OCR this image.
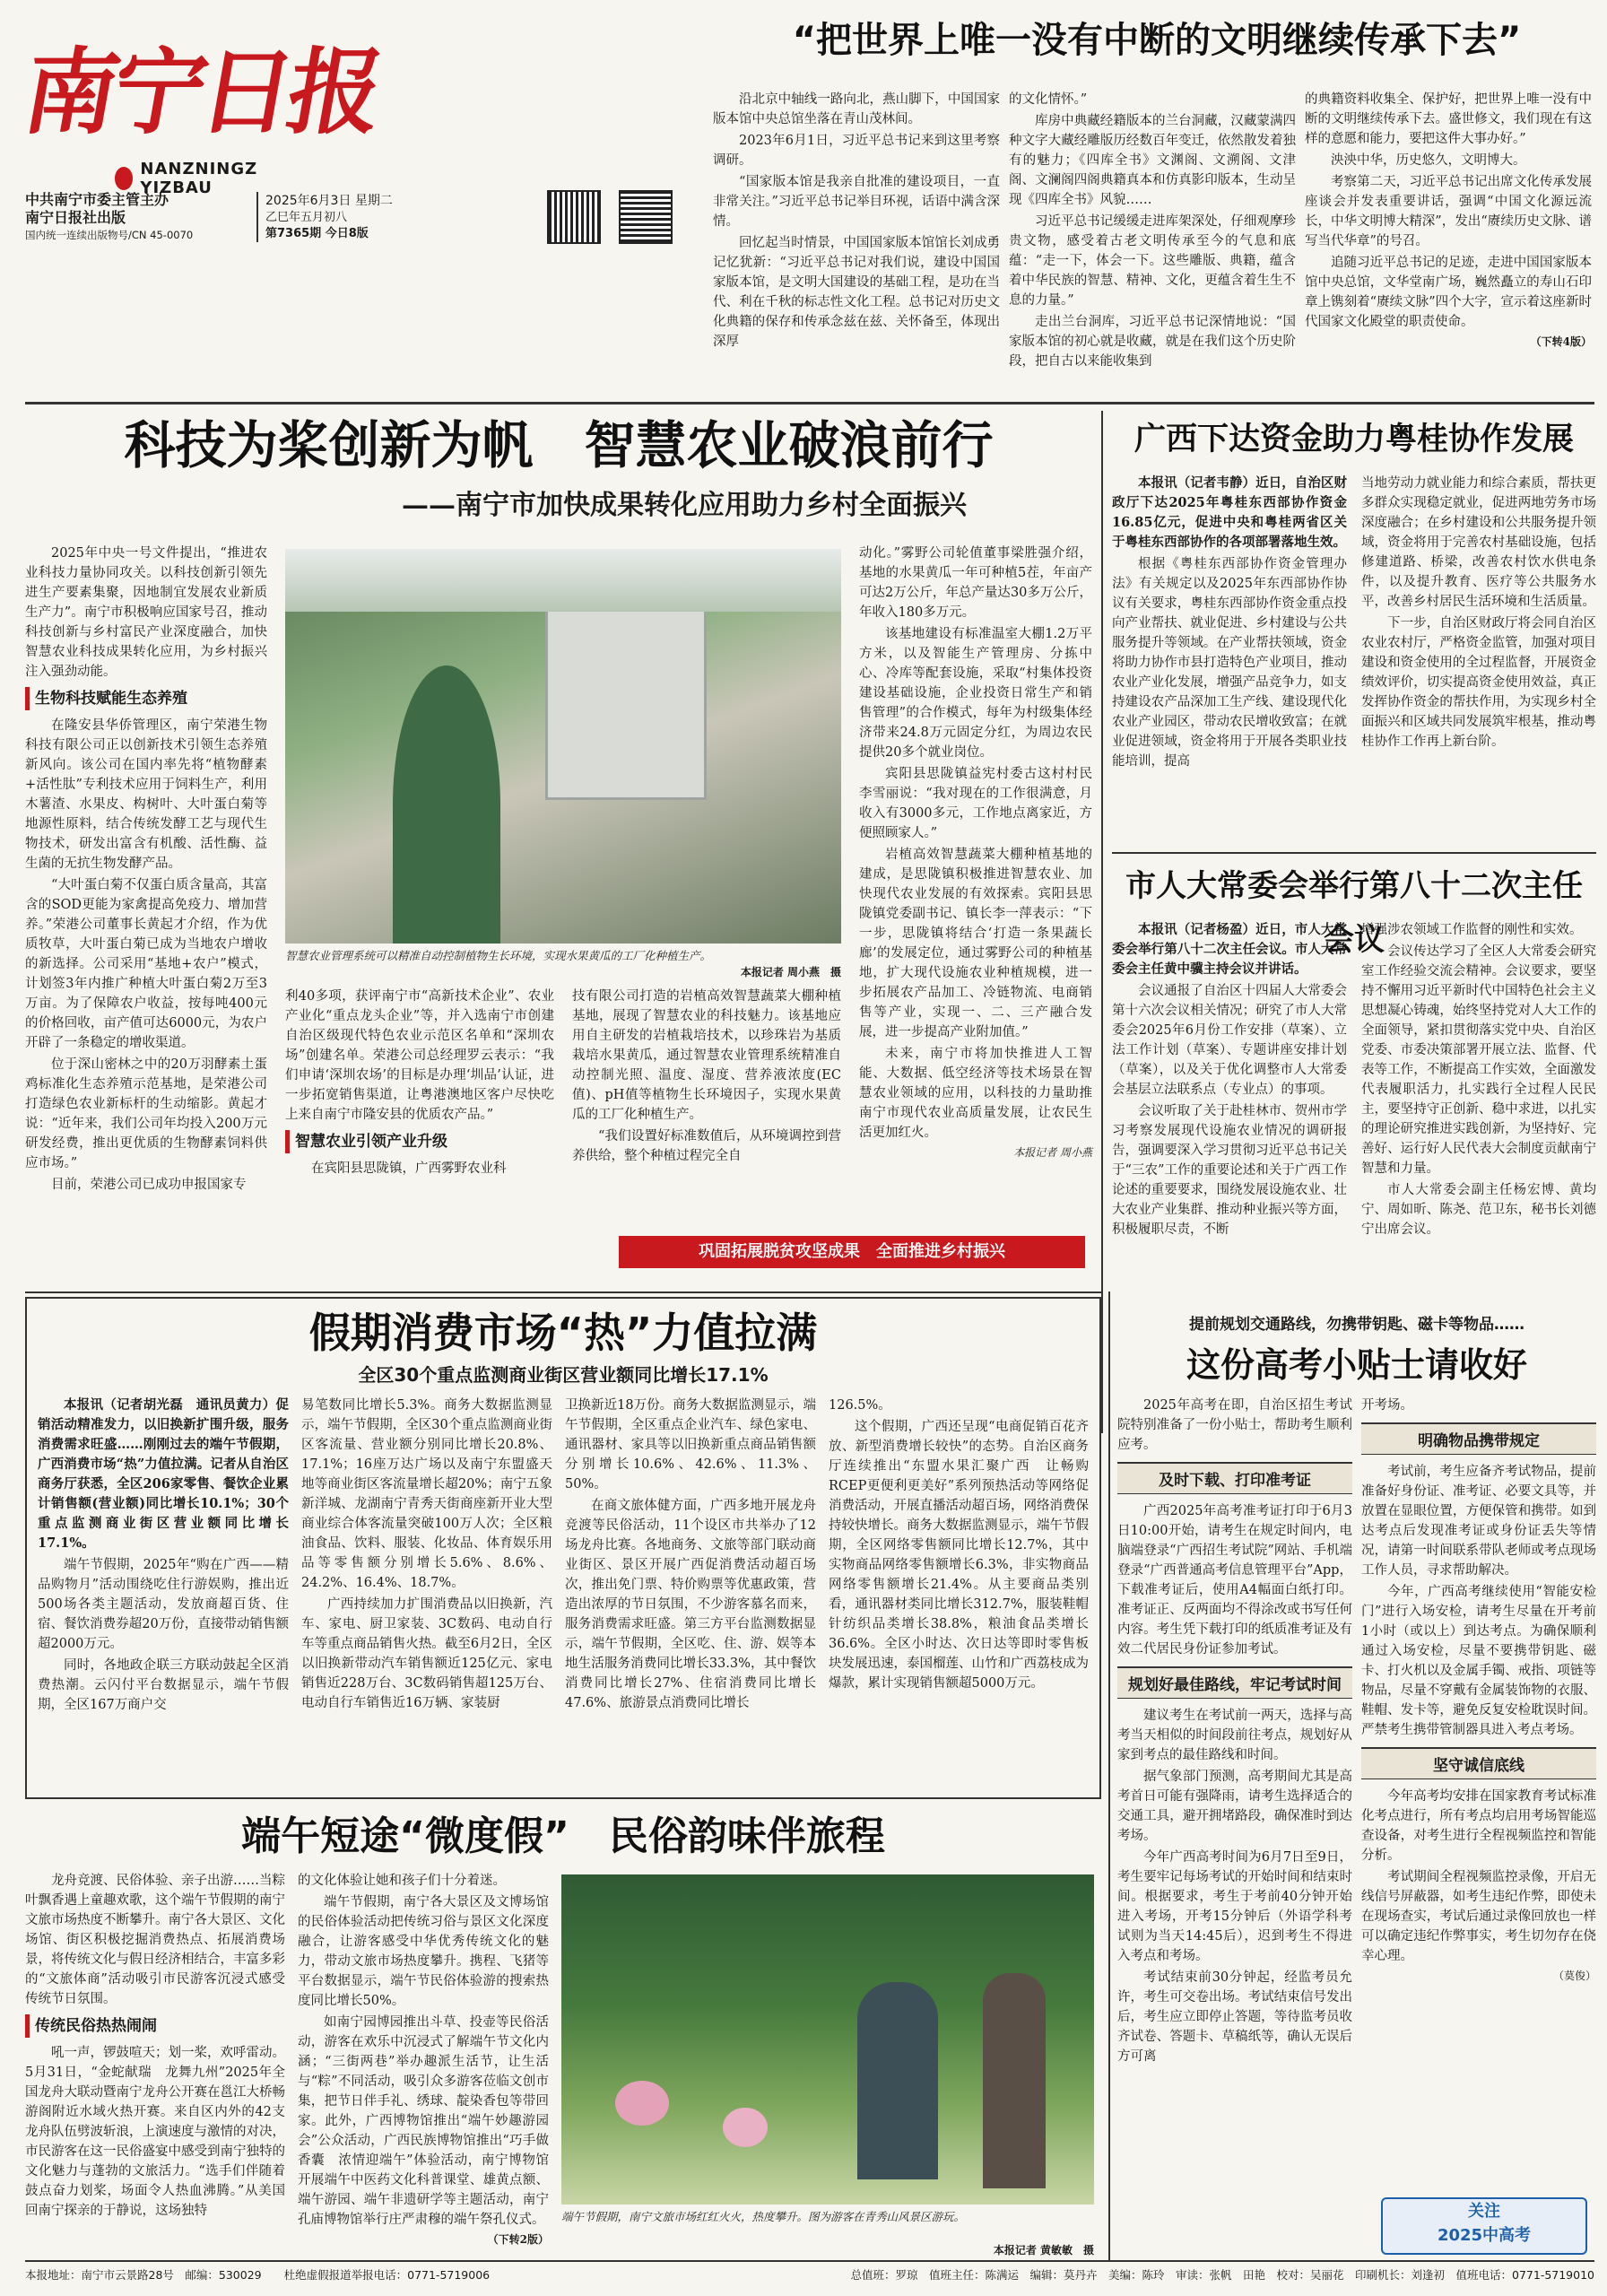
南宁日报
NANZNINGZ YIZBAU
中共南宁市委主管主办
南宁日报社出版
国内统一连续出版物号/CN 45-0070
2025年6月3日 星期二
乙巳年五月初八
第7365期 今日8版
“把世界上唯一没有中断的文明继续传承下去”

沿北京中轴线一路向北，燕山脚下，中国国家版本馆中央总馆坐落在青山茂林间。

2023年6月1日，习近平总书记来到这里考察调研。

“国家版本馆是我亲自批准的建设项目，一直非常关注。”习近平总书记举目环视，话语中满含深情。

回忆起当时情景，中国国家版本馆馆长刘成勇记忆犹新：“习近平总书记对我们说，建设中国国家版本馆，是文明大国建设的基础工程，是功在当代、利在千秋的标志性文化工程。总书记对历史文化典籍的保存和传承念兹在兹、关怀备至，体现出深厚

的文化情怀。”

库房中典藏经籍版本的兰台洞藏，汉藏蒙满四种文字大藏经雕版历经数百年变迁，依然散发着独有的魅力；《四库全书》文渊阁、文溯阁、文津阁、文澜阁四阁典籍真本和仿真影印版本，生动呈现《四库全书》风貌……

习近平总书记缓缓走进库架深处，仔细观摩珍贵文物，感受着古老文明传承至今的气息和底蕴：“走一下，体会一下。这些雕版、典籍，蕴含着中华民族的智慧、精神、文化，更蕴含着生生不息的力量。”

走出兰台洞库，习近平总书记深情地说：“国家版本馆的初心就是收藏，就是在我们这个历史阶段，把自古以来能收集到

的典籍资料收集全、保护好，把世界上唯一没有中断的文明继续传承下去。盛世修文，我们现在有这样的意愿和能力，要把这件大事办好。”

泱泱中华，历史悠久，文明博大。

考察第二天，习近平总书记出席文化传承发展座谈会并发表重要讲话，强调“中国文化源远流长，中华文明博大精深”，发出“赓续历史文脉、谱写当代华章”的号召。

追随习近平总书记的足迹，走进中国国家版本馆中央总馆，文华堂南广场，巍然矗立的寿山石印章上镌刻着“赓续文脉”四个大字，宣示着这座新时代国家文化殿堂的职责使命。

（下转4版）
科技为桨创新为帆　智慧农业破浪前行
——南宁市加快成果转化应用助力乡村全面振兴

2025年中央一号文件提出，“推进农业科技力量协同攻关。以科技创新引领先进生产要素集聚，因地制宜发展农业新质生产力”。南宁市积极响应国家号召，推动科技创新与乡村富民产业深度融合，加快智慧农业科技成果转化应用，为乡村振兴注入强劲动能。

生物科技赋能生态养殖

在隆安县华侨管理区，南宁荣港生物科技有限公司正以创新技术引领生态养殖新风向。该公司在国内率先将“植物酵素+活性肽”专利技术应用于饲料生产，利用木薯渣、水果皮、构树叶、大叶蛋白菊等地源性原料，结合传统发酵工艺与现代生物技术，研发出富含有机酸、活性酶、益生菌的无抗生物发酵产品。

“大叶蛋白菊不仅蛋白质含量高，其富含的SOD更能为家禽提高免疫力、增加营养。”荣港公司董事长黄起才介绍，作为优质牧草，大叶蛋白菊已成为当地农户增收的新选择。公司采用“基地+农户”模式，计划签3年内推广种植大叶蛋白菊2万至3万亩。为了保障农户收益，按每吨400元的价格回收，亩产值可达6000元，为农户开辟了一条稳定的增收渠道。

位于深山密林之中的20万羽酵素土蛋鸡标准化生态养殖示范基地，是荣港公司打造绿色农业新标杆的生动缩影。黄起才说：“近年来，我们公司年均投入200万元研发经费，推出更优质的生物酵素饲料供应市场。”

目前，荣港公司已成功申报国家专

智慧农业管理系统可以精准自动控制植物生长环境，实现水果黄瓜的工厂化种植生产。
本报记者 周小燕　摄

利40多项，获评南宁市“高新技术企业”、农业产业化“重点龙头企业”等，并入选南宁市创建自治区级现代特色农业示范区名单和“深圳农场”创建名单。荣港公司总经理罗云表示：“我们申请‘深圳农场’的目标是办理‘圳品’认证，进一步拓宽销售渠道，让粤港澳地区客户尽快吃上来自南宁市隆安县的优质农产品。”

智慧农业引领产业升级

在宾阳县思陇镇，广西雾野农业科

技有限公司打造的岩植高效智慧蔬菜大棚种植基地，展现了智慧农业的科技魅力。该基地应用自主研发的岩植栽培技术，以珍珠岩为基质栽培水果黄瓜，通过智慧农业管理系统精准自动控制光照、温度、湿度、营养液浓度(EC值)、pH值等植物生长环境因子，实现水果黄瓜的工厂化种植生产。

“我们设置好标准数值后，从环境调控到营养供给，整个种植过程完全自

动化。”雾野公司轮值董事梁胜强介绍，基地的水果黄瓜一年可种植5茬，年亩产可达2万公斤，年总产量达30多万公斤，年收入180多万元。

该基地建设有标准温室大棚1.2万平方米，以及智能生产管理房、分拣中心、冷库等配套设施，采取“村集体投资建设基础设施，企业投资日常生产和销售管理”的合作模式，每年为村级集体经济带来24.8万元固定分红，为周边农民提供20多个就业岗位。

宾阳县思陇镇益宪村委古这村村民李雪丽说：“我对现在的工作很满意，月收入有3000多元，工作地点离家近，方便照顾家人。”

岩植高效智慧蔬菜大棚种植基地的建成，是思陇镇积极推进智慧农业、加快现代农业发展的有效探索。宾阳县思陇镇党委副书记、镇长李一萍表示：“下一步，思陇镇将结合‘打造一条果蔬长廊’的发展定位，通过雾野公司的种植基地，扩大现代设施农业种植规模，进一步拓展农产品加工、冷链物流、电商销售等产业，实现一、二、三产融合发展，进一步提高产业附加值。”

未来，南宁市将加快推进人工智能、大数据、低空经济等技术场景在智慧农业领域的应用，以科技的力量助推南宁市现代农业高质量发展，让农民生活更加红火。

本报记者 周小燕
巩固拓展脱贫攻坚成果　全面推进乡村振兴
广西下达资金助力粤桂协作发展

本报讯（记者韦静）近日，自治区财政厅下达2025年粤桂东西部协作资金16.85亿元，促进中央和粤桂两省区关于粤桂东西部协作的各项部署落地生效。

根据《粤桂东西部协作资金管理办法》有关规定以及2025年东西部协作协议有关要求，粤桂东西部协作资金重点投向产业帮扶、就业促进、乡村建设与公共服务提升等领域。在产业帮扶领域，资金将助力协作市县打造特色产业项目，推动农业产业化发展，增强产品竞争力，如支持建设农产品深加工生产线、建设现代化农业产业园区，带动农民增收致富；在就业促进领域，资金将用于开展各类职业技能培训，提高

当地劳动力就业能力和综合素质，帮扶更多群众实现稳定就业，促进两地劳务市场深度融合；在乡村建设和公共服务提升领域，资金将用于完善农村基础设施，包括修建道路、桥梁，改善农村饮水供电条件，以及提升教育、医疗等公共服务水平，改善乡村居民生活环境和生活质量。

下一步，自治区财政厅将会同自治区农业农村厅，严格资金监管，加强对项目建设和资金使用的全过程监督，开展资金绩效评价，切实提高资金使用效益，真正发挥协作资金的帮扶作用，为实现乡村全面振兴和区域共同发展筑牢根基，推动粤桂协作工作再上新台阶。

市人大常委会举行第八十二次主任会议

本报讯（记者杨盈）近日，市人大常委会举行第八十二次主任会议。市人大常委会主任黄中骥主持会议并讲话。

会议通报了自治区十四届人大常委会第十六次会议相关情况；研究了市人大常委会2025年6月份工作安排（草案）、立法工作计划（草案）、专题讲座安排计划（草案），以及关于优化调整市人大常委会基层立法联系点（专业点）的事项。

会议听取了关于赴桂林市、贺州市学习考察发展现代设施农业情况的调研报告，强调要深入学习贯彻习近平总书记关于“三农”工作的重要论述和关于广西工作论述的重要要求，围绕发展设施农业、壮大农业产业集群、推动种业振兴等方面，积极履职尽责，不断

增强涉农领域工作监督的刚性和实效。

会议传达学习了全区人大常委会研究室工作经验交流会精神。会议要求，要坚持不懈用习近平新时代中国特色社会主义思想凝心铸魂，始终坚持党对人大工作的全面领导，紧扣贯彻落实党中央、自治区党委、市委决策部署开展立法、监督、代表等工作，不断提高工作实效，全面激发代表履职活力，扎实践行全过程人民民主，要坚持守正创新、稳中求进，以扎实的理论研究推进实践创新，为坚持好、完善好、运行好人民代表大会制度贡献南宁智慧和力量。

市人大常委会副主任杨宏博、黄均宁、周如昕、陈尧、范卫东，秘书长刘德宁出席会议。

假期消费市场“热”力值拉满
全区30个重点监测商业街区营业额同比增长17.1%

本报讯（记者胡光磊　通讯员黄力）促销活动精准发力，以旧换新扩围升级，服务消费需求旺盛……刚刚过去的端午节假期，广西消费市场“热”力值拉满。记者从自治区商务厅获悉，全区206家零售、餐饮企业累计销售额(营业额)同比增长10.1%；30个重点监测商业街区营业额同比增长17.1%。

端午节假期，2025年“购在广西——精品购物月”活动围绕吃住行游娱购，推出近500场各类主题活动，发放商超百货、住宿、餐饮消费券超20万份，直接带动销售额超2000万元。

同时，各地政企联三方联动鼓起全区消费热潮。云闪付平台数据显示，端午节假期，全区167万商户交

易笔数同比增长5.3%。商务大数据监测显示，端午节假期，全区30个重点监测商业街区客流量、营业额分别同比增长20.8%、17.1%；16座万达广场以及南宁东盟盛天地等商业街区客流量增长超20%；南宁五象新洋城、龙湖南宁青秀天街商座新开业大型商业综合体客流量突破100万人次；全区粮油食品、饮料、服装、化妆品、体育娱乐用品等零售额分别增长5.6%、8.6%、24.2%、16.4%、18.7%。

广西持续加力扩围消费品以旧换新，汽车、家电、厨卫家装、3C数码、电动自行车等重点商品销售火热。截至6月2日，全区以旧换新带动汽车销售额近125亿元、家电销售近228万台、3C数码销售超125万台、电动自行车销售近16万辆、家装厨

卫换新近18万份。商务大数据监测显示，端午节假期，全区重点企业汽车、绿色家电、通讯器材、家具等以旧换新重点商品销售额分别增长10.6%、42.6%、11.3%、50%。

在商文旅体健方面，广西多地开展龙舟竞渡等民俗活动，11个设区市共举办了12场龙舟比赛。各地商务、文旅等部门联动商业街区、景区开展广西促消费活动超百场次，推出免门票、特价购票等优惠政策，营造出浓厚的节日氛围，不少游客慕名而来，服务消费需求旺盛。第三方平台监测数据显示，端午节假期，全区吃、住、游、娱等本地生活服务消费同比增长33.3%，其中餐饮消费同比增长27%、住宿消费同比增长47.6%、旅游景点消费同比增长

126.5%。

这个假期，广西还呈现“电商促销百花齐放、新型消费增长较快”的态势。自治区商务厅连续推出“东盟水果汇聚广西　让畅购RCEP更便利更美好”系列预热活动等网络促消费活动，开展直播活动超百场，网络消费保持较快增长。商务大数据监测显示，端午节假期，全区网络零售额同比增长12.7%，其中实物商品网络零售额增长6.3%，非实物商品网络零售额增长21.4%。从主要商品类别看，通讯器材类同比增长312.7%，服装鞋帽针纺织品类增长38.8%，粮油食品类增长36.6%。全区小时达、次日达等即时零售板块发展迅速，泰国榴莲、山竹和广西荔枝成为爆款，累计实现销售额超5000万元。

端午短途“微度假”　民俗韵味伴旅程

龙舟竞渡、民俗体验、亲子出游……当粽叶飘香遇上童趣欢歌，这个端午节假期的南宁文旅市场热度不断攀升。南宁各大景区、文化场馆、街区积极挖掘消费热点、拓展消费场景，将传统文化与假日经济相结合，丰富多彩的“文旅体商”活动吸引市民游客沉浸式感受传统节日氛围。

传统民俗热热闹闹

吼一声，锣鼓喧天；划一桨，欢呼雷动。5月31日，“金蛇献瑞　龙舞九州”2025年全国龙舟大联动暨南宁龙舟公开赛在邕江大桥畅游阁附近水域火热开赛。来自区内外的42支龙舟队伍劈波斩浪，上演速度与激情的对决，市民游客在这一民俗盛宴中感受到南宁独特的文化魅力与蓬勃的文旅活力。“选手们伴随着鼓点奋力划桨，场面令人热血沸腾。”从美国回南宁探亲的于静说，这场独特

的文化体验让她和孩子们十分着迷。

端午节假期，南宁各大景区及文博场馆的民俗体验活动把传统习俗与景区文化深度融合，让游客感受中华优秀传统文化的魅力，带动文旅市场热度攀升。携程、飞猪等平台数据显示，端午节民俗体验游的搜索热度同比增长50%。

如南宁园博园推出斗草、投壶等民俗活动，游客在欢乐中沉浸式了解端午节文化内涵；“三街两巷”举办趣派生活节，让生活与“粽”不同活动，吸引众多游客莅临文创市集，把节日伴手礼、绣球、靛染香包等带回家。此外，广西博物馆推出“端午妙趣游园会”公众活动，广西民族博物馆推出“巧手做香囊　浓情迎端午”体验活动，南宁博物馆开展端午中医药文化科普课堂、雄黄点额、端午游园、端午非遗研学等主题活动，南宁孔庙博物馆举行庄严肃穆的端午祭孔仪式。

（下转2版）
端午节假期，南宁文旅市场红红火火，热度攀升。图为游客在青秀山风景区游玩。
本报记者 黄敏敏　摄
提前规划交通路线，勿携带钥匙、磁卡等物品……
这份高考小贴士请收好

2025年高考在即，自治区招生考试院特别准备了一份小贴士，帮助考生顺利应考。

及时下载、打印准考证

广西2025年高考准考证打印于6月3日10:00开始，请考生在规定时间内，电脑端登录“广西招生考试院”网站、手机端登录“广西普通高考信息管理平台”App，下载准考证后，使用A4幅面白纸打印。准考证正、反两面均不得涂改或书写任何内容。考生凭下载打印的纸质准考证及有效二代居民身份证参加考试。

规划好最佳路线，牢记考试时间

建议考生在考试前一两天，选择与高考当天相似的时间段前往考点，规划好从家到考点的最佳路线和时间。

据气象部门预测，高考期间尤其是高考首日可能有强降雨，请考生选择适合的交通工具，避开拥堵路段，确保准时到达考场。

今年广西高考时间为6月7日至9日，考生要牢记每场考试的开始时间和结束时间。根据要求，考生于考前40分钟开始进入考场，开考15分钟后（外语学科考试则为当天14:45后），迟到考生不得进入考点和考场。

考试结束前30分钟起，经监考员允许，考生可交卷出场。考试结束信号发出后，考生应立即停止答题，等待监考员收齐试卷、答题卡、草稿纸等，确认无误后方可离

开考场。

明确物品携带规定

考试前，考生应备齐考试物品，提前准备好身份证、准考证、必要文具等，并放置在显眼位置，方便保管和携带。如到达考点后发现准考证或身份证丢失等情况，请第一时间联系带队老师或考点现场工作人员，寻求帮助解决。

今年，广西高考继续使用“智能安检门”进行入场安检，请考生尽量在开考前1小时（或以上）到达考点。为确保顺利通过入场安检，尽量不要携带钥匙、磁卡、打火机以及金属手镯、戒指、项链等物品，尽量不穿戴有金属装饰物的衣服、鞋帽、发卡等，避免反复安检耽误时间。严禁考生携带管制器具进入考点考场。

坚守诚信底线

今年高考均安排在国家教育考试标准化考点进行，所有考点均启用考场智能巡查设备，对考生进行全程视频监控和智能分析。

考试期间全程视频监控录像，开启无线信号屏蔽器，如考生违纪作弊，即使未在现场查实，考试后通过录像回放也一样可以确定违纪作弊事实，考生切勿存在侥幸心理。

（莫俊）
关注
2025中高考
本报地址：南宁市云景路28号　邮编：530029　　杜绝虚假报道举报电话：0771-5719006	总值班：罗琼　值班主任：陈满运　编辑：莫丹卉　美编：陈玲　审读：张帆　田艳　校对：吴丽花　印刷机长：刘逢初　值班电话：0771-5719010
